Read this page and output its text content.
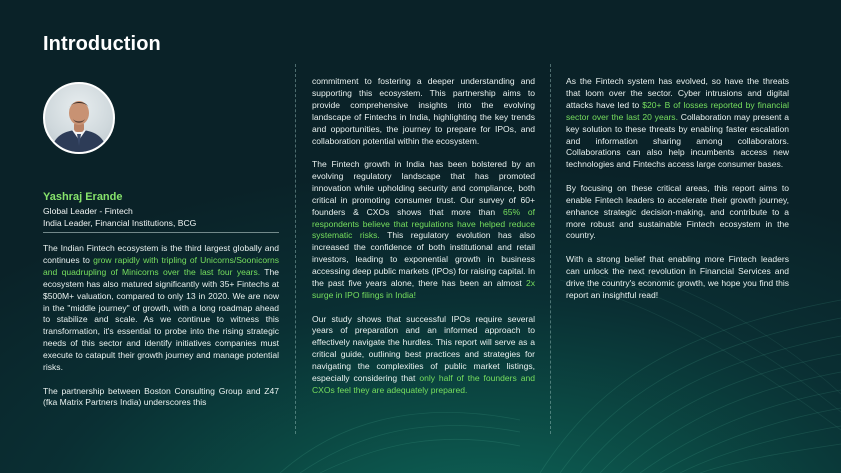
Introduction
Yashraj Erande
Global Leader - Fintech
India Leader, Financial Institutions, BCG

The Indian Fintech ecosystem is the third largest globally and continues to grow rapidly with tripling of Unicorns/Soonicorns and quadrupling of Minicorns over the last four years. The ecosystem has also matured significantly with 35+ Fintechs at $500M+ valuation, compared to only 13 in 2020. We are now in the "middle journey" of growth, with a long roadmap ahead to stabilize and scale. As we continue to witness this transformation, it's essential to probe into the rising strategic needs of this sector and identify initiatives companies must execute to catapult their growth journey and manage potential risks.

The partnership between Boston Consulting Group and Z47 (fka Matrix Partners India) underscores this

commitment to fostering a deeper understanding and supporting this ecosystem. This partnership aims to provide comprehensive insights into the evolving landscape of Fintechs in India, highlighting the key trends and opportunities, the journey to prepare for IPOs, and collaboration potential within the ecosystem.

The Fintech growth in India has been bolstered by an evolving regulatory landscape that has promoted innovation while upholding security and compliance, both critical in promoting consumer trust. Our survey of 60+ founders & CXOs shows that more than 65% of respondents believe that regulations have helped reduce systematic risks. This regulatory evolution has also increased the confidence of both institutional and retail investors, leading to exponential growth in business accessing deep public markets (IPOs) for raising capital. In the past five years alone, there has been an almost 2x surge in IPO filings in India!

Our study shows that successful IPOs require several years of preparation and an informed approach to effectively navigate the hurdles. This report will serve as a critical guide, outlining best practices and strategies for navigating the complexities of public market listings, especially considering that only half of the founders and CXOs feel they are adequately prepared.

As the Fintech system has evolved, so have the threats that loom over the sector. Cyber intrusions and digital attacks have led to $20+ B of losses reported by financial sector over the last 20 years. Collaboration may present a key solution to these threats by enabling faster escalation and information sharing among collaborators. Collaborations can also help incumbents access new technologies and Fintechs access large consumer bases.

By focusing on these critical areas, this report aims to enable Fintech leaders to accelerate their growth journey, enhance strategic decision-making, and contribute to a more robust and sustainable Fintech ecosystem in the country.

With a strong belief that enabling more Fintech leaders can unlock the next revolution in Financial Services and drive the country's economic growth, we hope you find this report an insightful read!
